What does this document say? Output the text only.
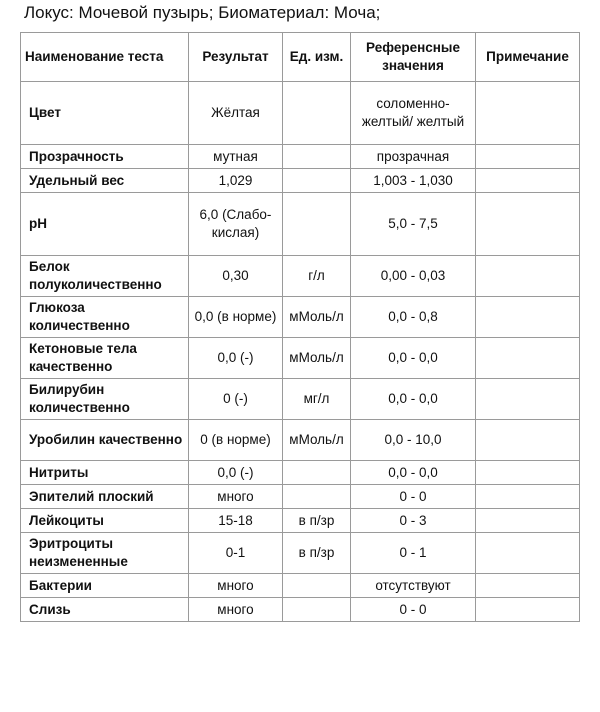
Локус: Мочевой пузырь; Биоматериал: Моча;
Наименование теста	Результат	Ед. изм.	Референсные значения	Примечание
Цвет	Жёлтая		соломенно-желтый/ желтый	
Прозрачность	мутная		прозрачная	
Удельный вес	1,029		1,003 - 1,030	
pH	6,0 (Слабо-кислая)		5,0 - 7,5	
Белок полуколичественно	0,30	г/л	0,00 - 0,03	
Глюкоза количественно	0,0 (в норме)	мМоль/л	0,0 - 0,8	
Кетоновые тела качественно	0,0 (-)	мМоль/л	0,0 - 0,0	
Билирубин количественно	0 (-)	мг/л	0,0 - 0,0	
Уробилин качественно	0 (в норме)	мМоль/л	0,0 - 10,0	
Нитриты	0,0 (-)		0,0 - 0,0	
Эпителий плоский	много		0 - 0	
Лейкоциты	15-18	в п/зр	0 - 3	
Эритроциты неизмененные	0-1	в п/зр	0 - 1	
Бактерии	много		отсутствуют	
Слизь	много		0 - 0	
